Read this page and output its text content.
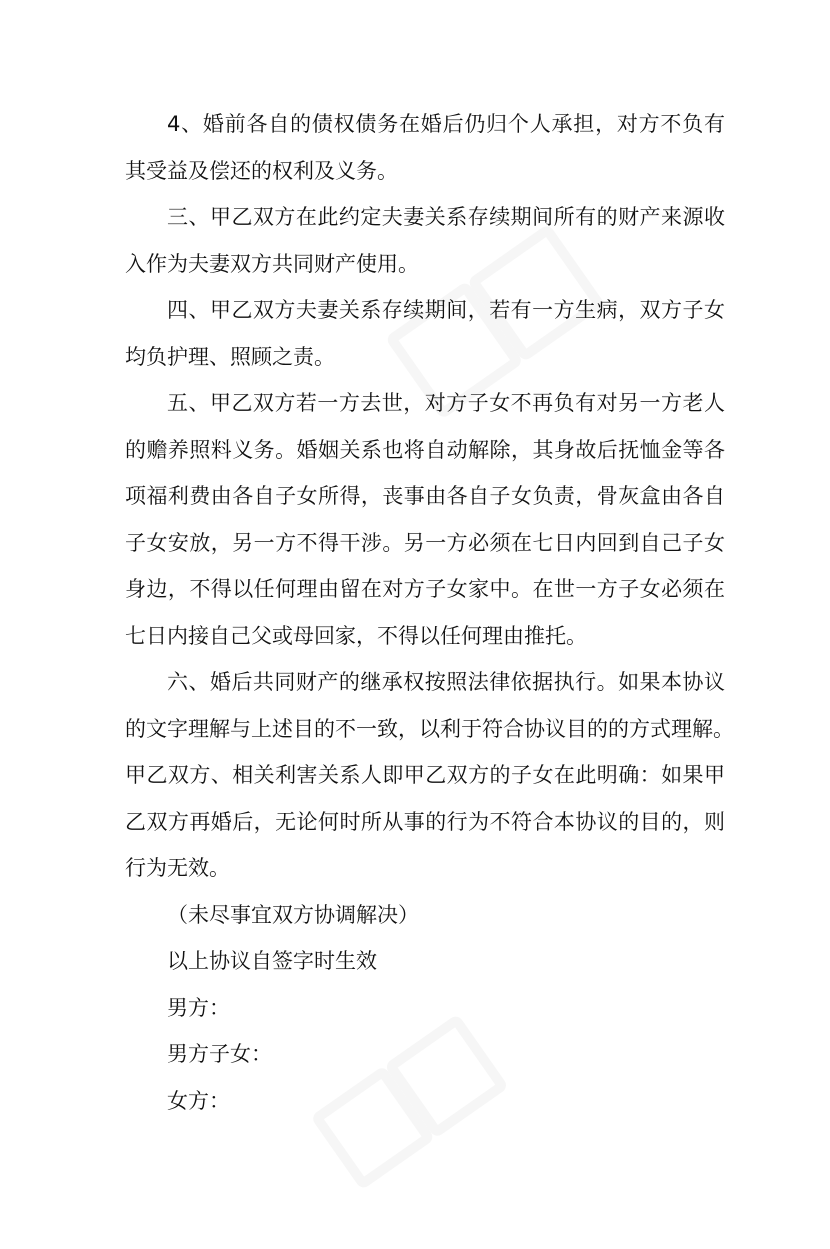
4、婚前各自的债权债务在婚后仍归个人承担，对方不负有
其受益及偿还的权利及义务。
三、甲乙双方在此约定夫妻关系存续期间所有的财产来源收
入作为夫妻双方共同财产使用。
四、甲乙双方夫妻关系存续期间，若有一方生病，双方子女
均负护理、照顾之责。
五、甲乙双方若一方去世，对方子女不再负有对另一方老人
的赡养照料义务。婚姻关系也将自动解除，其身故后抚恤金等各
项福利费由各自子女所得，丧事由各自子女负责，骨灰盒由各自
子女安放，另一方不得干涉。另一方必须在七日内回到自己子女
身边，不得以任何理由留在对方子女家中。在世一方子女必须在
七日内接自己父或母回家，不得以任何理由推托。
六、婚后共同财产的继承权按照法律依据执行。如果本协议
的文字理解与上述目的不一致，以利于符合协议目的的方式理解。
甲乙双方、相关利害关系人即甲乙双方的子女在此明确：如果甲
乙双方再婚后，无论何时所从事的行为不符合本协议的目的，则
行为无效。
（未尽事宜双方协调解决）
以上协议自签字时生效
男方：
男方子女：
女方：
